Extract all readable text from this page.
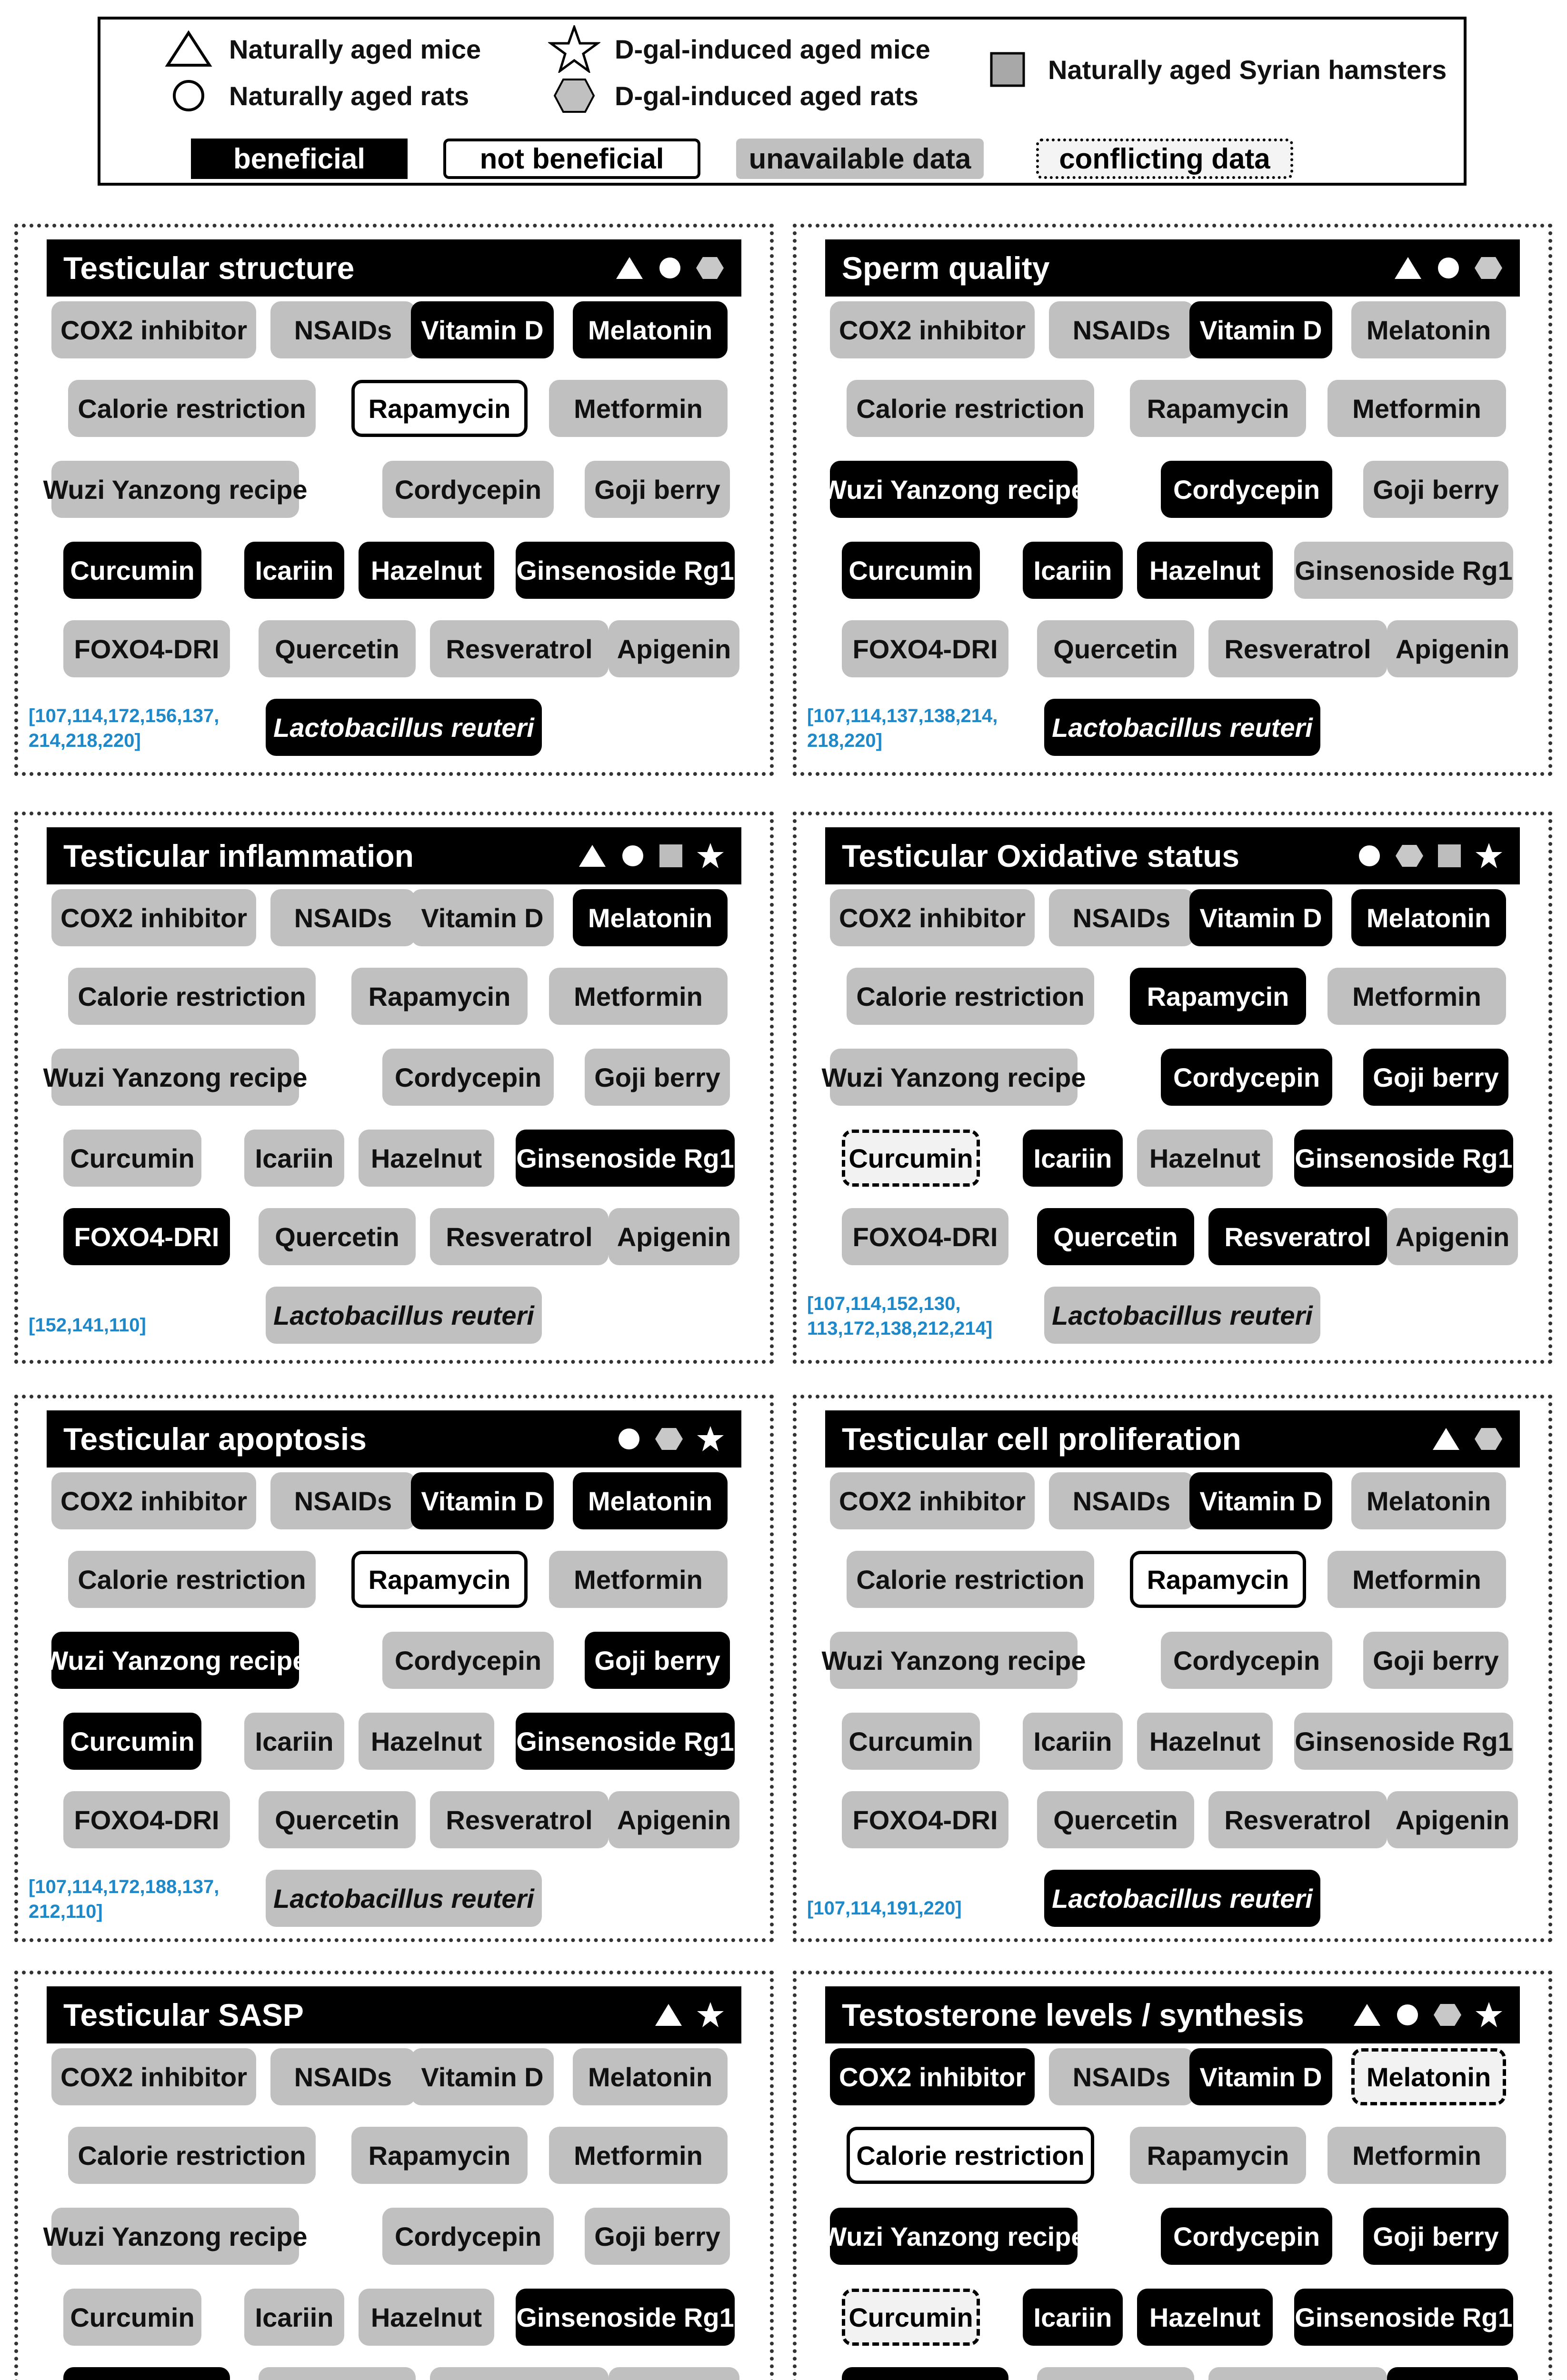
Naturally aged mice
Naturally aged rats
D-gal-induced aged mice
D-gal-induced aged rats
Naturally aged Syrian hamsters
beneficial	not beneficial	unavailable data	conflicting data
Testicular structure
COX2 inhibitor	NSAIDs	Vitamin D	Melatonin
Calorie restriction	Rapamycin	Metformin
Wuzi Yanzong recipe	Cordycepin	Goji berry
Curcumin	Icariin	Hazelnut	Ginsenoside Rg1
FOXO4-DRI	Quercetin	Resveratrol Apigenin
Lactobacillus reuteri
[107,114,172,156,137,
214,218,220]
Sperm quality
COX2 inhibitor	NSAIDs	Vitamin D	Melatonin
Calorie restriction	Rapamycin	Metformin
Wuzi Yanzong recipe	Cordycepin	Goji berry
Curcumin	Icariin	Hazelnut	Ginsenoside Rg1
FOXO4-DRI	Quercetin	Resveratrol Apigenin
Lactobacillus reuteri
[107,114,137,138,214,
218,220]
Testicular inflammation
COX2 inhibitor	NSAIDs	Vitamin D	Melatonin
Calorie restriction	Rapamycin	Metformin
Wuzi Yanzong recipe	Cordycepin	Goji berry
Curcumin	Icariin	Hazelnut	Ginsenoside Rg1
FOXO4-DRI	Quercetin	Resveratrol Apigenin
Lactobacillus reuteri
[152,141,110]
Testicular Oxidative status
COX2 inhibitor	NSAIDs	Vitamin D	Melatonin
Calorie restriction	Rapamycin	Metformin
Wuzi Yanzong recipe	Cordycepin	Goji berry
Curcumin	Icariin	Hazelnut	Ginsenoside Rg1
FOXO4-DRI	Quercetin	Resveratrol Apigenin
Lactobacillus reuteri
[107,114,152,130,
113,172,138,212,214]
Testicular apoptosis
COX2 inhibitor	NSAIDs	Vitamin D	Melatonin
Calorie restriction	Rapamycin	Metformin
Wuzi Yanzong recipe	Cordycepin	Goji berry
Curcumin	Icariin	Hazelnut	Ginsenoside Rg1
FOXO4-DRI	Quercetin	Resveratrol Apigenin
Lactobacillus reuteri
[107,114,172,188,137,
212,110]
Testicular cell proliferation
COX2 inhibitor	NSAIDs	Vitamin D	Melatonin
Calorie restriction	Rapamycin	Metformin
Wuzi Yanzong recipe	Cordycepin	Goji berry
Curcumin	Icariin	Hazelnut	Ginsenoside Rg1
FOXO4-DRI	Quercetin	Resveratrol Apigenin
Lactobacillus reuteri
[107,114,191,220]
Testicular SASP
COX2 inhibitor	NSAIDs	Vitamin D	Melatonin
Calorie restriction	Rapamycin	Metformin
Wuzi Yanzong recipe	Cordycepin	Goji berry
Curcumin	Icariin	Hazelnut	Ginsenoside Rg1
Testosterone levels / synthesis
COX2 inhibitor	NSAIDs	Vitamin D	Melatonin
Calorie restriction	Rapamycin	Metformin
Wuzi Yanzong recipe	Cordycepin	Goji berry
Curcumin	Icariin	Hazelnut	Ginsenoside Rg1
